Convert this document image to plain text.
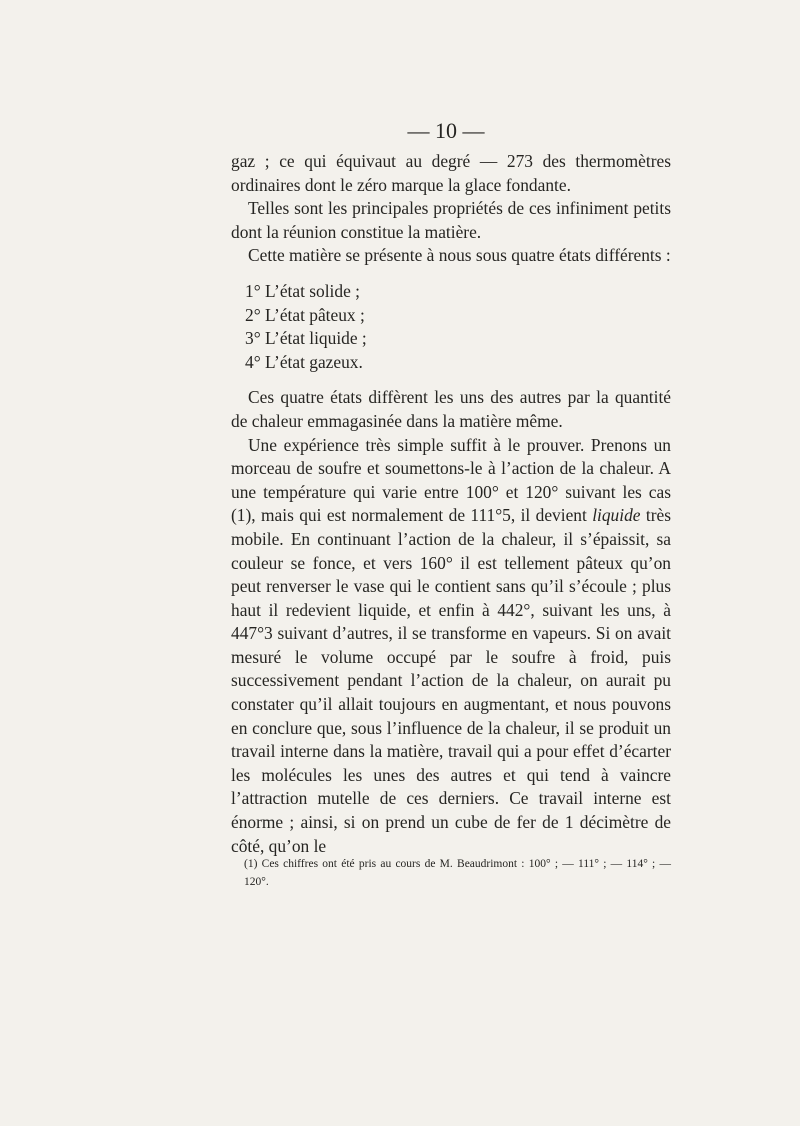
— 10 —

gaz ; ce qui équivaut au degré — 273 des thermomètres ordinaires dont le zéro marque la glace fondante.

Telles sont les principales propriétés de ces infiniment petits dont la réunion constitue la matière.

Cette matière se présente à nous sous quatre états différents :

1° L’état solide ;
2° L’état pâteux ;
3° L’état liquide ;
4° L’état gazeux.

Ces quatre états diffèrent les uns des autres par la quantité de chaleur emmagasinée dans la matière même.

Une expérience très simple suffit à le prouver. Prenons un morceau de soufre et soumettons-le à l’action de la chaleur. A une température qui varie entre 100° et 120° suivant les cas (1), mais qui est normalement de 111°5, il devient liquide très mobile. En continuant l’action de la chaleur, il s’épaissit, sa couleur se fonce, et vers 160° il est tellement pâteux qu’on peut renverser le vase qui le contient sans qu’il s’écoule ; plus haut il redevient liquide, et enfin à 442°, suivant les uns, à 447°3 suivant d’autres, il se transforme en vapeurs. Si on avait mesuré le volume occupé par le soufre à froid, puis successivement pendant l’action de la chaleur, on aurait pu constater qu’il allait toujours en augmentant, et nous pouvons en conclure que, sous l’influence de la chaleur, il se produit un travail interne dans la matière, travail qui a pour effet d’écarter les molécules les unes des autres et qui tend à vaincre l’attraction mutelle de ces derniers. Ce travail interne est énorme ; ainsi, si on prend un cube de fer de 1 décimètre de côté, qu’on le

(1) Ces chiffres ont été pris au cours de M. Beaudrimont : 100° ; — 111° ; — 114° ; — 120°.
